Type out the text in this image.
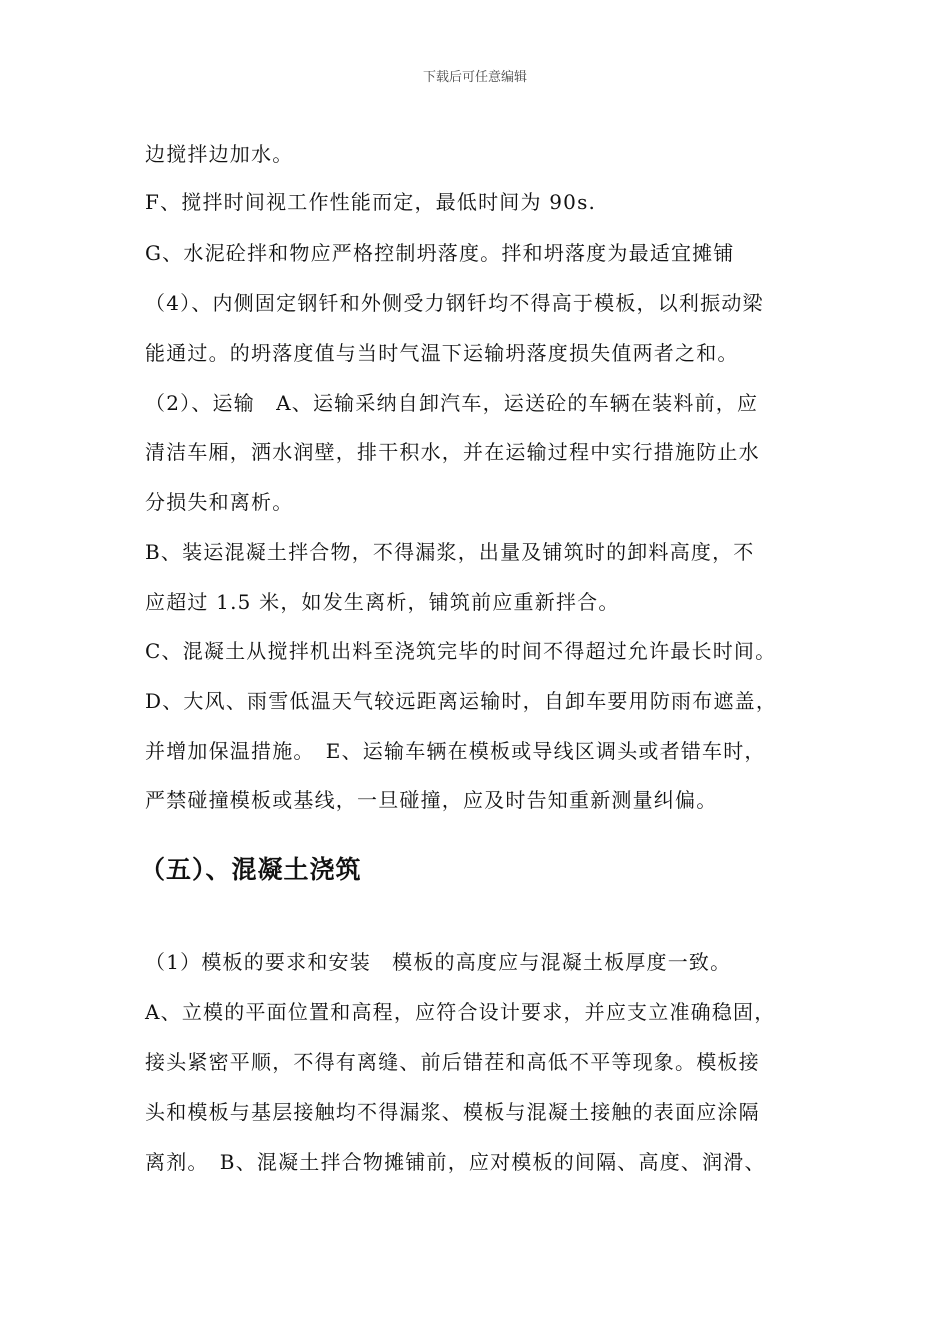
下载后可任意编辑
边搅拌边加水。
F、搅拌时间视工作性能而定，最低时间为 90s.
G、水泥砼拌和物应严格控制坍落度。拌和坍落度为最适宜摊铺
（4）、内侧固定钢钎和外侧受力钢钎均不得高于模板，以利振动梁
能通过。的坍落度值与当时气温下运输坍落度损失值两者之和。
（2）、运输　A、运输采纳自卸汽车，运送砼的车辆在装料前，应
清洁车厢，洒水润壁，排干积水，并在运输过程中实行措施防止水
分损失和离析。
B、装运混凝土拌合物，不得漏浆，出量及铺筑时的卸料高度，不
应超过 1.5 米，如发生离析，铺筑前应重新拌合。
C、混凝土从搅拌机出料至浇筑完毕的时间不得超过允许最长时间。
D、大风、雨雪低温天气较远距离运输时，自卸车要用防雨布遮盖，
并增加保温措施。　E、运输车辆在模板或导线区调头或者错车时，
严禁碰撞模板或基线，一旦碰撞，应及时告知重新测量纠偏。
（五）、混凝土浇筑
（1）模板的要求和安装　模板的高度应与混凝土板厚度一致。
A、立模的平面位置和高程，应符合设计要求，并应支立准确稳固，
接头紧密平顺，不得有离缝、前后错茬和高低不平等现象。模板接
头和模板与基层接触均不得漏浆、模板与混凝土接触的表面应涂隔
离剂。　B、混凝土拌合物摊铺前，应对模板的间隔、高度、润滑、
